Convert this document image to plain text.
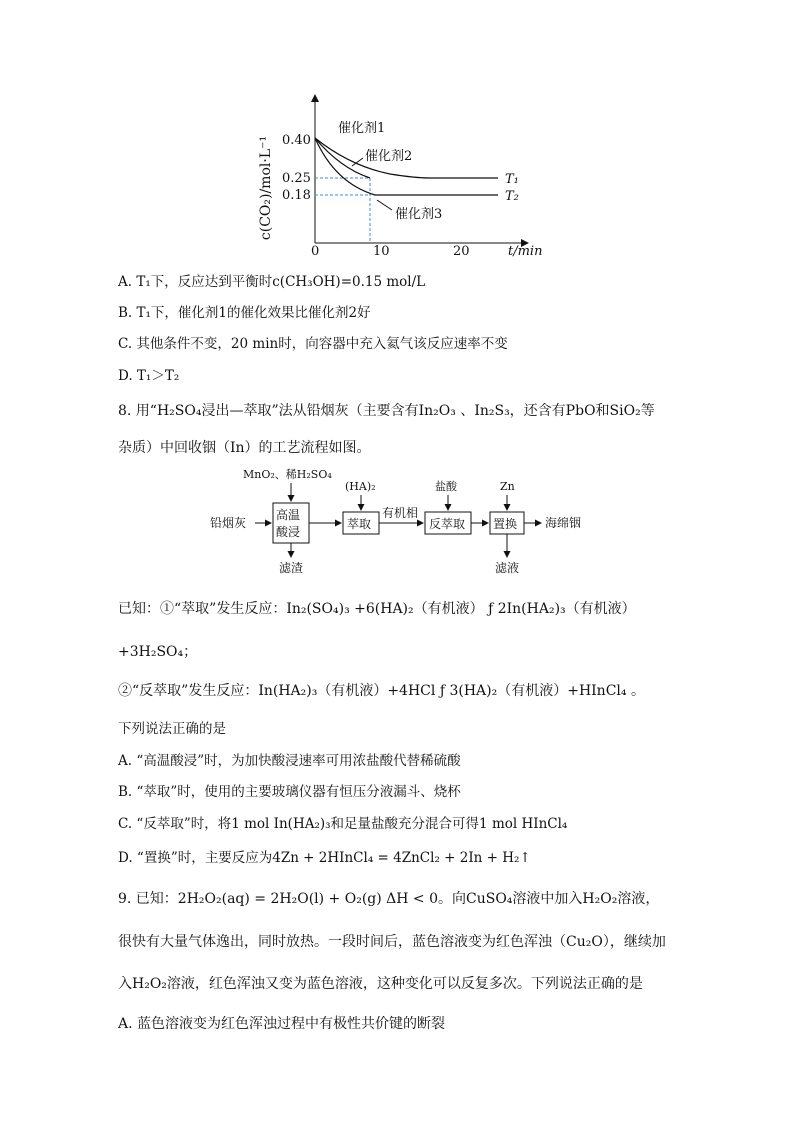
c(CO₂)/mol·L⁻¹ 0.40
0.25
0.18
0	10	20	t/min
催化剂1
催化剂2
催化剂3
T₁
T₂
A. T₁下，反应达到平衡时c(CH₃OH)=0.15 mol/L
B. T₁下，催化剂1的催化效果比催化剂2好
C. 其他条件不变，20 min时，向容器中充入氦气该反应速率不变
D. T₁＞T₂
8. 用“H₂SO₄浸出—萃取”法从铅烟灰（主要含有In₂O₃ 、In₂S₃，还含有PbO和SiO₂等
杂质）中回收铟（In）的工艺流程如图。
铅烟灰
高温
酸浸
MnO₂、稀H₂SO₄
滤渣
萃取
(HA)₂
有机相
反萃取
盐酸
置换
Zn
滤液
海绵铟
已知：①“萃取”发生反应：In₂(SO₄)₃ +6(HA)₂（有机液） ƒ 2In(HA₂)₃（有机液）
+3H₂SO₄；
②“反萃取”发生反应：In(HA₂)₃（有机液）+4HCl ƒ 3(HA)₂（有机液）+HInCl₄ 。
下列说法正确的是
A. “高温酸浸”时，为加快酸浸速率可用浓盐酸代替稀硫酸
B. “萃取”时，使用的主要玻璃仪器有恒压分液漏斗、烧杯
C. “反萃取”时，将1 mol In(HA₂)₃和足量盐酸充分混合可得1 mol HInCl₄
D. “置换”时，主要反应为4Zn + 2HInCl₄ = 4ZnCl₂ + 2In + H₂↑
9. 已知：2H₂O₂(aq) = 2H₂O(l) + O₂(g) ΔH < 0。向CuSO₄溶液中加入H₂O₂溶液，
很快有大量气体逸出，同时放热。一段时间后，蓝色溶液变为红色浑浊（Cu₂O），继续加
入H₂O₂溶液，红色浑浊又变为蓝色溶液，这种变化可以反复多次。下列说法正确的是
A. 蓝色溶液变为红色浑浊过程中有极性共价键的断裂
